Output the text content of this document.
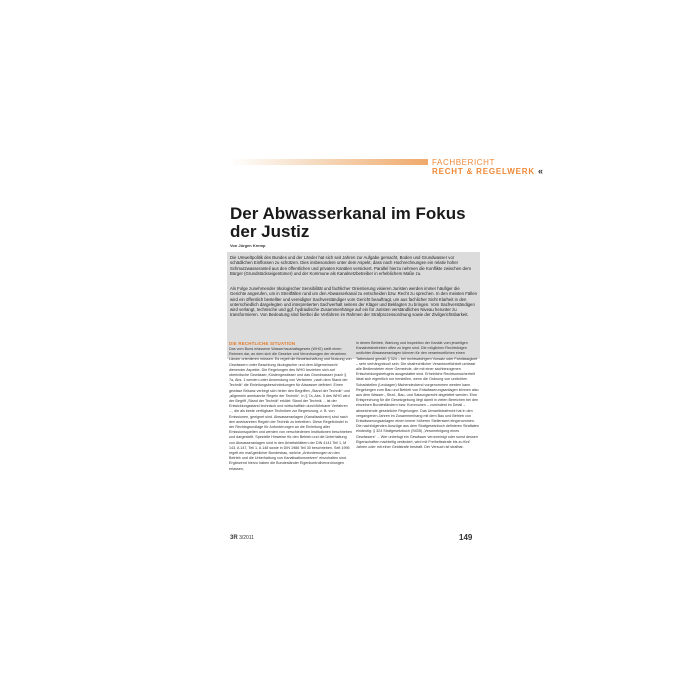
FACHBERICHT
RECHT & REGELWERK «
Der Abwasserkanal im Fokus der Justiz
Von Jürgen Kremp

Die Umweltpolitik des Bundes und der Länder hat sich seit Jahren zur Aufgabe gemacht, Boden und Grundwasser vor schädlichen Einflüssen zu schützen. Dies insbesondere unter dem Aspekt, dass nach Hochrechnungen ein relativ hoher Schmutzwasseranteil aus den öffentlichen und privaten Kanälen versickert. Parallel hierzu nehmen die Konflikte zwischen dem Bürger (Grundstückseigentümer) und der Kommune als Kanalnetzbetreiber in erheblichem Maße zu.

Als Folge zunehmender ökologischer Sensibilität und fachlicher Orientierung visieren Juristen werden immer häufiger die Gerichte angerufen, um in Streitfällen rund um den Abwasserkanal zu entscheiden bzw. Recht zu sprechen. In den meisten Fällen wird ein öffentlich bestellter und vereidigter Sachverständiger vom Gericht beauftragt, um aus fachlicher Sicht Klarheit in den unterschiedlich dargelegten und interpretierten Sachverhalt seitens der Kläger und Beklagten zu bringen. Vom Sachverständigen wird verlangt, technische und ggf. hydraulische Zusammenhänge auf ein für Juristen verständliches Niveau herunter zu transformieren. Von Bedeutung sind hierbei die Verfahren im Rahmen der Strafprozessordnung sowie der Zivilgerichtsbarkeit.

DIE RECHTLICHE SITUATION

Das vom Bund erlassene Wasserhaushaltsgesetz (WHG) stellt einen Rahmen dar, an dem sich die Gesetze und Verordnungen der einzelnen Länder orientieren müssen. Es regelt die Bewirtschaftung und Nutzung von Gewässern unter Beachtung ökologischer und dem Allgemeinwohl dienender Aspekte. Die Regelungen des WHG beziehen sich auf oberirdische Gewässer, Küstengewässer und das Grundwasser (nach § 7a, Abs. 1 werden unter Anwendung von Verfahren „nach dem Stand der Technik“ die Einleitungsbeschränkungen für Abwasser definiert. Einen gewisse Brisanz verbirgt sich hinter den Begriffen „Stand der Technik“ und „allgemein anerkannte Regeln der Technik“. In § 7a, Abs. 5 des WHG wird der Begriff „Stand der Technik“ erklärt: Stand der Technik ... ist der Entwicklungsstand technisch und wirtschaftlich durchführbarer Verfahren ..., die als beste verfügbare Techniken zur Begrenzung, z. B. von Emissionen, geeignet sind. Abwasseranlagen (Kanalisationen) sind nach den anerkannten Regeln der Technik zu betreiben. Diese Regelbündel in der Rechtsgrundlage für Anforderungen an die Einleitung aller Emissionsquellen und werden von verschiedenen Institutionen beschrieben und dargestellt. Spezielle Hinweise für den Betrieb und die Unterhaltung von Abwasseranlagen sind in den Arbeitsblättern der DIN 4141 Teil 1, M 143, A 147, Teil 1, A 148 sowie in DIN 1986 Teil 30 beschrieben. Seit 1995 regelt ein maßgeblicher Bundesbau, welche „Anforderungen an den Betrieb und die Unterhaltung von Kanalisationsnetzen“ einzuhalten sind. Ergänzend hierzu haben die Bundesländer Eigenkontrollverordnungen erlassen,

in denen Betrieb, Wartung und Inspektion der Kanäle vom jeweiligen Kanalnetzbetreiber offen zu legen sind. Die möglichen Rechtsfolgen undichter Abwasseranlagen können für den verantwortlichen einen Tatbestand gemäß § 324 – bei rechtswidrigem Vorsatz oder Fahrlässigkeit – sehr verhängnisvoll sein. Die strafrechtlicher Verantwortlichkeit umfasst alle Bediensteten einer Gemeinde, die mit einer sachbezogenen Entscheidungsbefugnis ausgestattet sind. Erhebliche Rechtsunsicherheit lässt sich eigentlich nur herstellen, wenn die Ordnung von undichten Schadstellen (Leckagen) flächendeckend vorgenommen werden kann. Regelungen zum Bau und Betrieb von Entwässerungsanlagen können also aus dem Wasser-, Straf-, Bau- und Satzungsrecht abgeleitet werden. Eine Entsprechung für die Gesetzgebung liegt damit in vielen Bereichen bei den einzelnen Bundesländern bzw. Kommunen – zumindest im Detail – abweichende gesetzliche Regelungen. Das Umweltstrafrecht hat in den vergangenen Jahren im Zusammenhang mit dem Bau und Betrieb von Entwässerungsanlagen einen immer höheren Stellenwert eingenommen. Die nachfolgenden Auszüge aus dem Strafgesetzbuch definieren Straftaten eindeutig: § 324 Strafgesetzbuch (StGB) „Verunreinigung eines Gewässers“ ... Wer unbefugt ein Gewässer verunreinigt oder sonst dessen Eigenschaften nachteilig verändert, wird mit Freiheitsstrafe bis zu fünf Jahren oder mit einer Geldstrafe bestraft. Der Versuch ist strafbar.

3R 3/2011	149
